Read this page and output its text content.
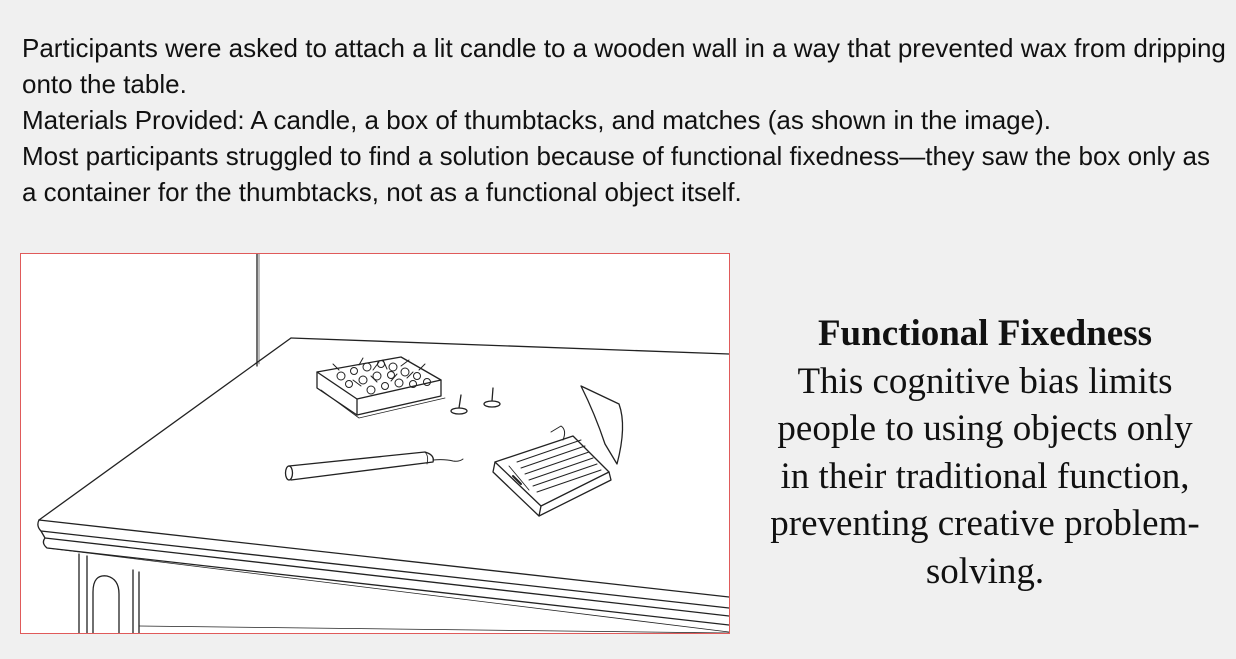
Participants were asked to attach a lit candle to a wooden wall in a way that prevented wax from dripping onto the table.

Materials Provided: A candle, a box of thumbtacks, and matches (as shown in the image).

Most participants struggled to find a solution because of functional fixedness—they saw the box only as a container for the thumbtacks, not as a functional object itself.

Functional Fixedness
This cognitive bias limits people to using objects only in their traditional function, preventing creative problem-solving.
